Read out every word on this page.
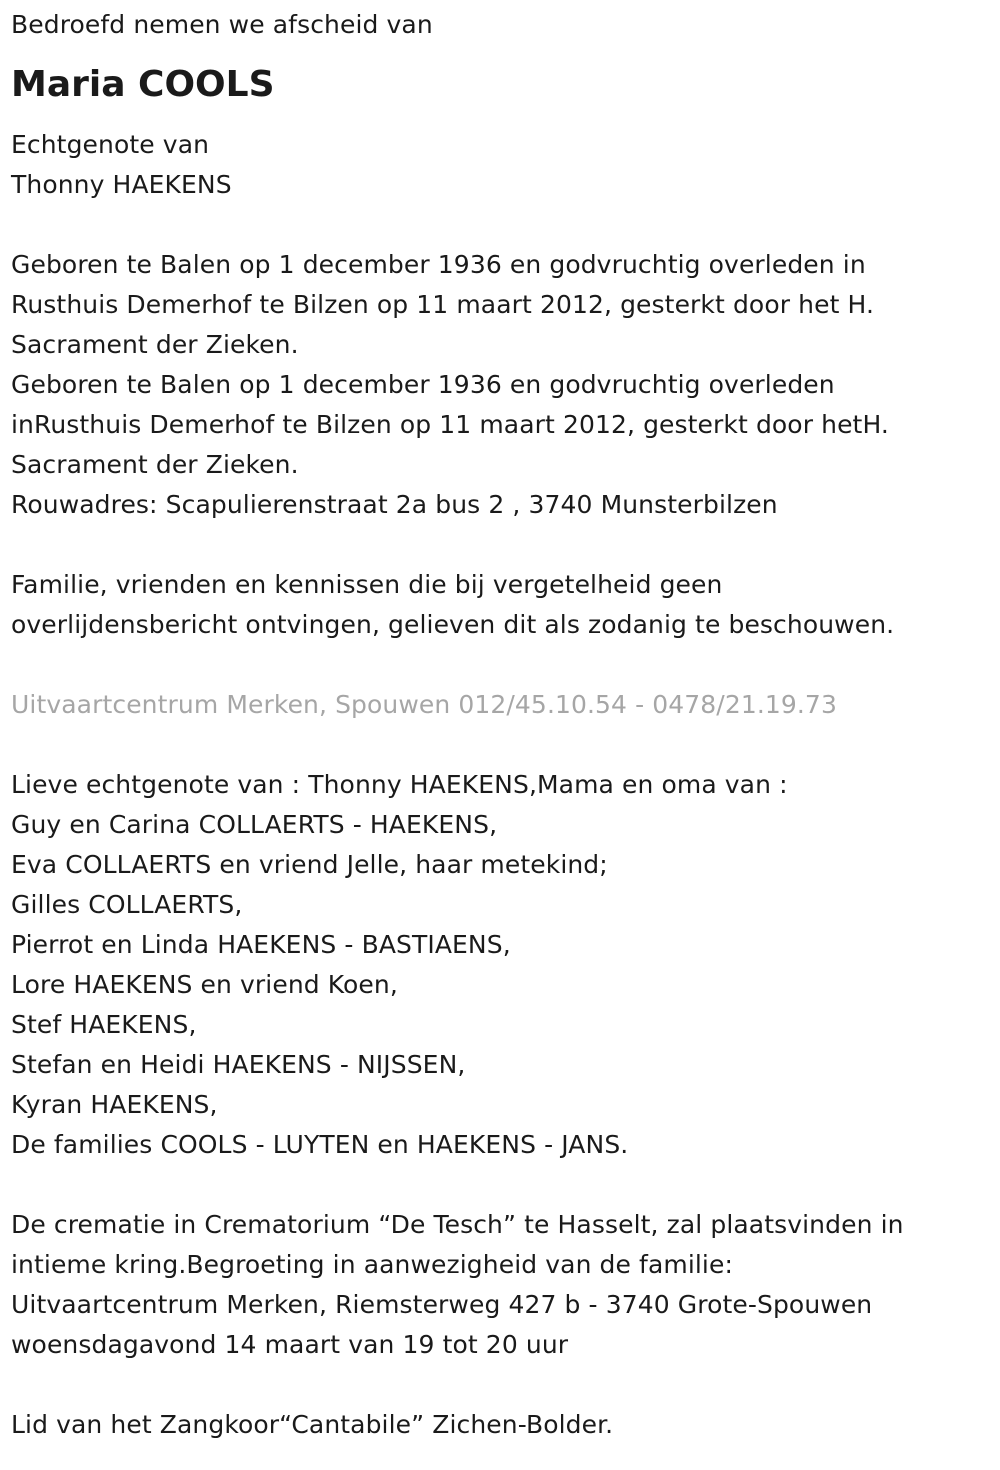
Bedroefd nemen we afscheid van
Maria COOLS
Echtgenote van
Thonny HAEKENS
Geboren te Balen op 1 december 1936 en godvruchtig overleden in
Rusthuis Demerhof te Bilzen op 11 maart 2012, gesterkt door het H.
Sacrament der Zieken.
Geboren te Balen op 1 december 1936 en godvruchtig overleden
inRusthuis Demerhof te Bilzen op 11 maart 2012, gesterkt door hetH.
Sacrament der Zieken.
Rouwadres: Scapulierenstraat 2a bus 2 , 3740 Munsterbilzen
Familie, vrienden en kennissen die bij vergetelheid geen
overlijdensbericht ontvingen, gelieven dit als zodanig te beschouwen.
Uitvaartcentrum Merken, Spouwen 012/45.10.54 - 0478/21.19.73
Lieve echtgenote van : Thonny HAEKENS,Mama en oma van :
Guy en Carina COLLAERTS - HAEKENS,
Eva COLLAERTS en vriend Jelle, haar metekind;
Gilles COLLAERTS,
Pierrot en Linda HAEKENS - BASTIAENS,
Lore HAEKENS en vriend Koen,
Stef HAEKENS,
Stefan en Heidi HAEKENS - NIJSSEN,
Kyran HAEKENS,
De families COOLS - LUYTEN en HAEKENS - JANS.
De crematie in Crematorium “De Tesch” te Hasselt, zal plaatsvinden in
intieme kring.Begroeting in aanwezigheid van de familie:
Uitvaartcentrum Merken, Riemsterweg 427 b - 3740 Grote-Spouwen
woensdagavond 14 maart van 19 tot 20 uur
Lid van het Zangkoor“Cantabile” Zichen-Bolder.
